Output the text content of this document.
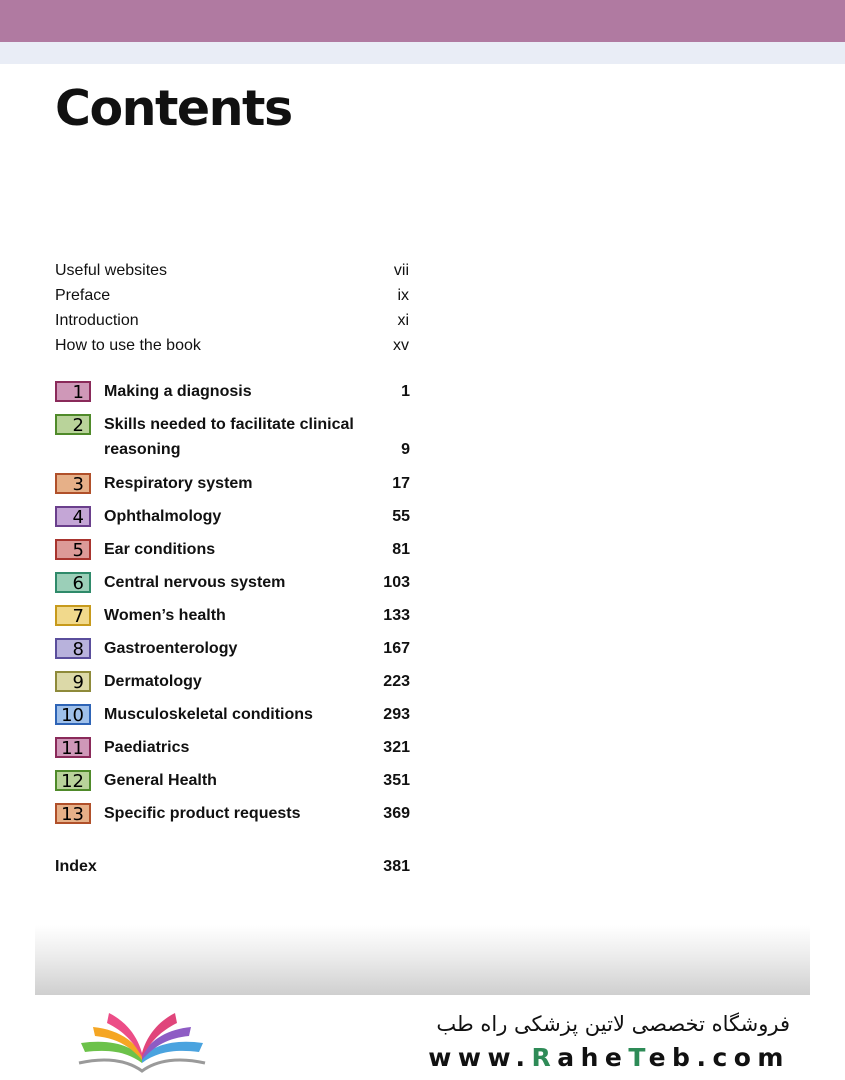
Contents
Useful websites	vii
Preface	ix
Introduction	xi
How to use the book	xv
1	Making a diagnosis	1
2	Skills needed to facilitate clinical reasoning	9
3	Respiratory system	17
4	Ophthalmology	55
5	Ear conditions	81
6	Central nervous system	103
7	Women’s health	133
8	Gastroenterology	167
9	Dermatology	223
10	Musculoskeletal conditions	293
11	Paediatrics	321
12	General Health	351
13	Specific product requests	369
Index	381
فروشگاه تخصصی لاتین پزشکی راه طب
www.RaheTeb.com
